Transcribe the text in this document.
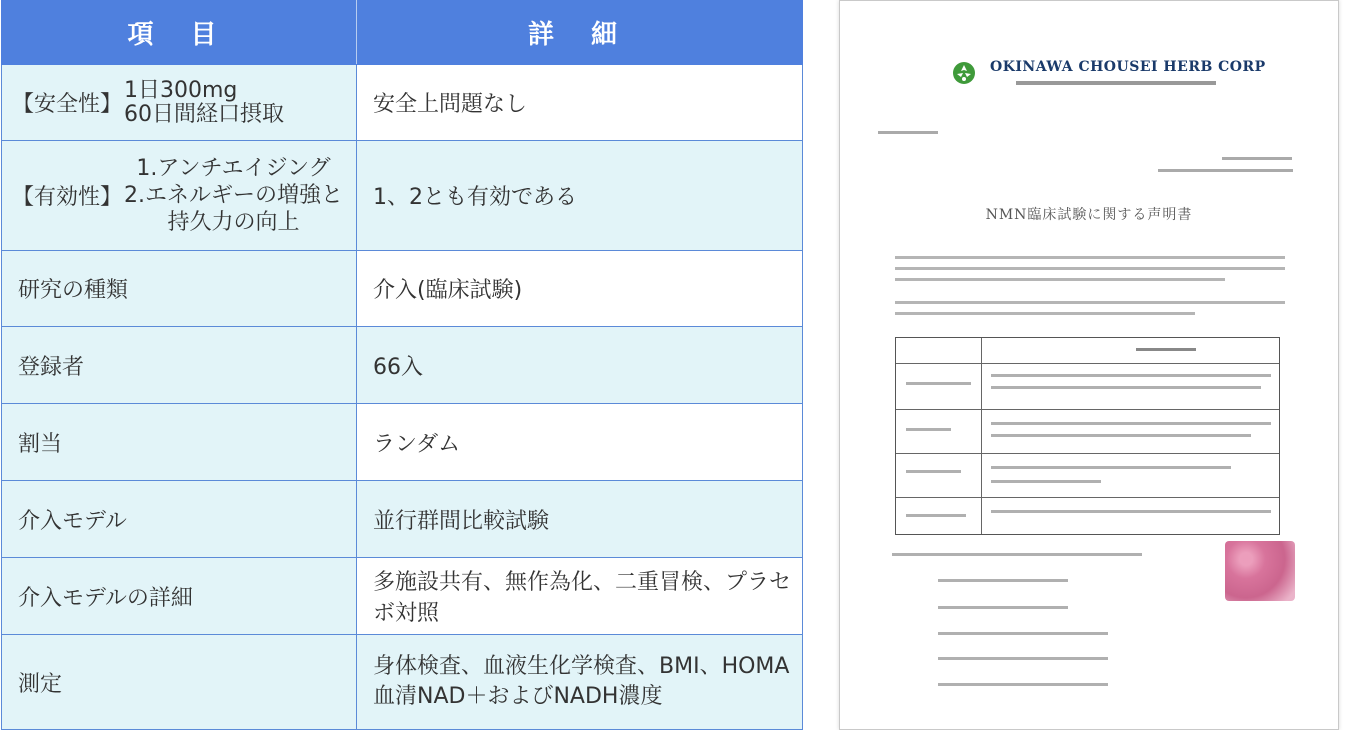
項 目	詳 細

【安全性】
1日300mg
60日間経口摂取	安全上問題なし

【有効性】
1.アンチエイジング
2.エネルギーの増強と
持久力の向上	1、2とも有効である
研究の種類	介入(臨床試験)
登録者	66入
割当	ランダム
介入モデル	並行群間比較試験
介入モデルの詳細	多施設共有、無作為化、二重冒検、プラセボ対照
測定	身体検査、血液生化学検査、BMI、HOMA
血清NAD＋およびNADH濃度
OKINAWA CHOUSEI HERB CORP
NMN臨床試験に関する声明書
